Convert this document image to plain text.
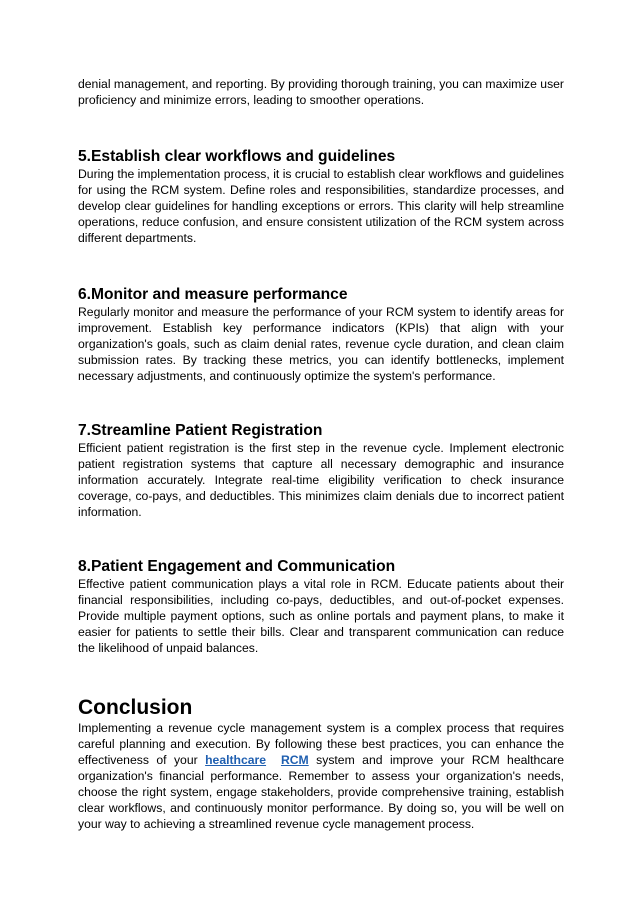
denial management, and reporting. By providing thorough training, you can maximize user proficiency and minimize errors, leading to smoother operations.

5.Establish clear workflows and guidelines

During the implementation process, it is crucial to establish clear workflows and guidelines for using the RCM system. Define roles and responsibilities, standardize processes, and develop clear guidelines for handling exceptions or errors. This clarity will help streamline operations, reduce confusion, and ensure consistent utilization of the RCM system across different departments.

6.Monitor and measure performance

Regularly monitor and measure the performance of your RCM system to identify areas for improvement. Establish key performance indicators (KPIs) that align with your organization's goals, such as claim denial rates, revenue cycle duration, and clean claim submission rates. By tracking these metrics, you can identify bottlenecks, implement necessary adjustments, and continuously optimize the system's performance.

7.Streamline Patient Registration

Efficient patient registration is the first step in the revenue cycle. Implement electronic patient registration systems that capture all necessary demographic and insurance information accurately. Integrate real-time eligibility verification to check insurance coverage, co-pays, and deductibles. This minimizes claim denials due to incorrect patient information.

8.Patient Engagement and Communication

Effective patient communication plays a vital role in RCM. Educate patients about their financial responsibilities, including co-pays, deductibles, and out-of-pocket expenses. Provide multiple payment options, such as online portals and payment plans, to make it easier for patients to settle their bills. Clear and transparent communication can reduce the likelihood of unpaid balances.

Conclusion

Implementing a revenue cycle management system is a complex process that requires careful planning and execution. By following these best practices, you can enhance the effectiveness of your healthcare RCM system and improve your RCM healthcare organization's financial performance. Remember to assess your organization's needs, choose the right system, engage stakeholders, provide comprehensive training, establish clear workflows, and continuously monitor performance. By doing so, you will be well on your way to achieving a streamlined revenue cycle management process.
